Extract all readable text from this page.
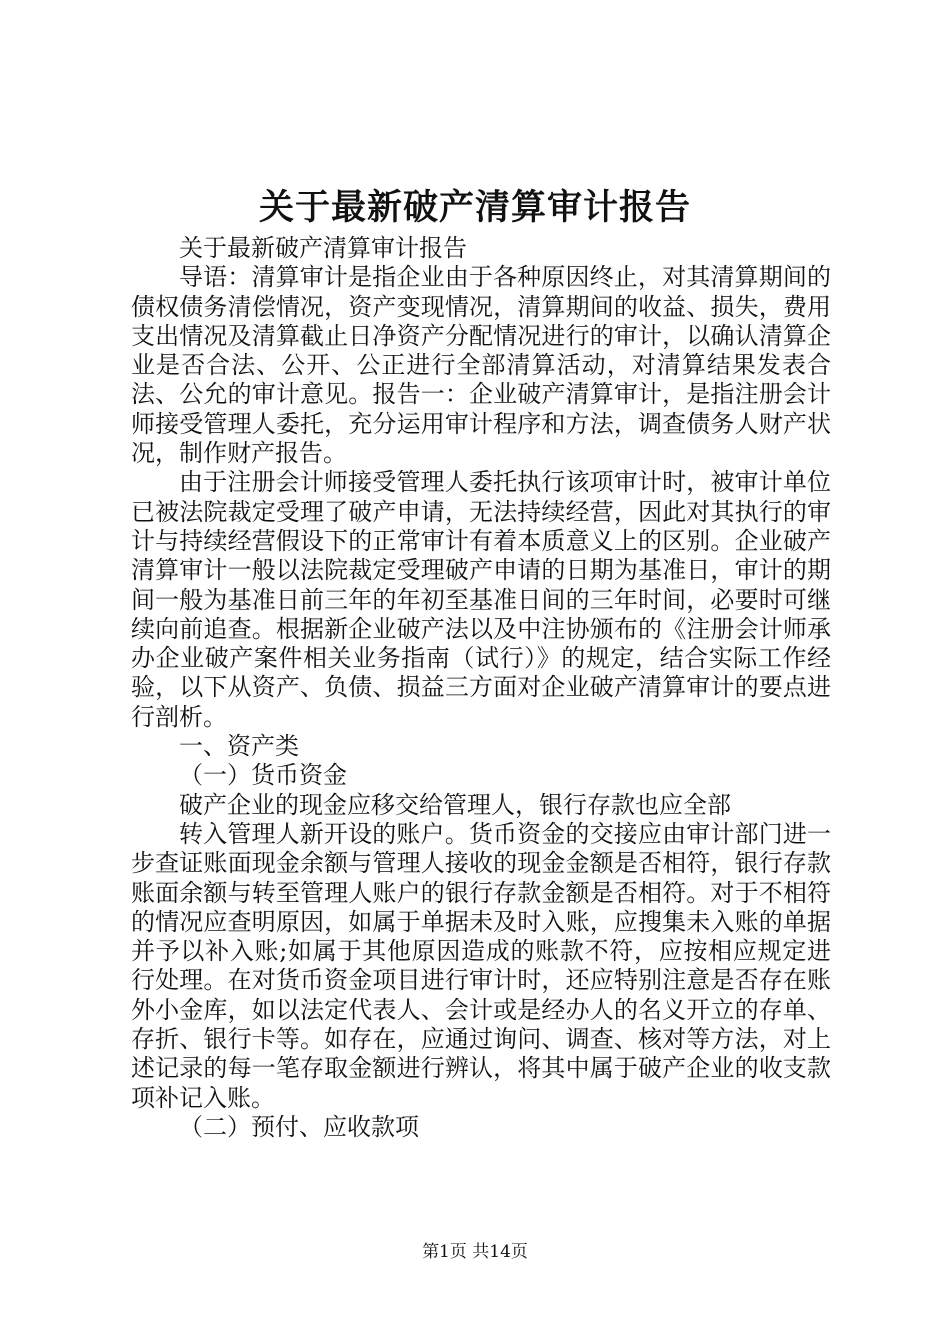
关于最新破产清算审计报告

关于最新破产清算审计报告

导语：清算审计是指企业由于各种原因终止，对其清算期间的债权债务清偿情况，资产变现情况，清算期间的收益、损失，费用支出情况及清算截止日净资产分配情况进行的审计，以确认清算企业是否合法、公开、公正进行全部清算活动，对清算结果发表合法、公允的审计意见。报告一：企业破产清算审计，是指注册会计师接受管理人委托，充分运用审计程序和方法，调查债务人财产状况，制作财产报告。

由于注册会计师接受管理人委托执行该项审计时，被审计单位已被法院裁定受理了破产申请，无法持续经营，因此对其执行的审计与持续经营假设下的正常审计有着本质意义上的区别。企业破产清算审计一般以法院裁定受理破产申请的日期为基准日，审计的期间一般为基准日前三年的年初至基准日间的三年时间，必要时可继续向前追查。根据新企业破产法以及中注协颁布的《注册会计师承办企业破产案件相关业务指南（试行）》的规定，结合实际工作经验，以下从资产、负债、损益三方面对企业破产清算审计的要点进行剖析。

一、资产类

（一）货币资金

破产企业的现金应移交给管理人，银行存款也应全部

转入管理人新开设的账户。货币资金的交接应由审计部门进一步查证账面现金余额与管理人接收的现金金额是否相符，银行存款账面余额与转至管理人账户的银行存款金额是否相符。对于不相符的情况应查明原因，如属于单据未及时入账，应搜集未入账的单据并予以补入账;如属于其他原因造成的账款不符，应按相应规定进行处理。在对货币资金项目进行审计时，还应特别注意是否存在账外小金库，如以法定代表人、会计或是经办人的名义开立的存单、存折、银行卡等。如存在，应通过询问、调查、核对等方法，对上述记录的每一笔存取金额进行辨认，将其中属于破产企业的收支款项补记入账。

（二）预付、应收款项

第1页 共14页
